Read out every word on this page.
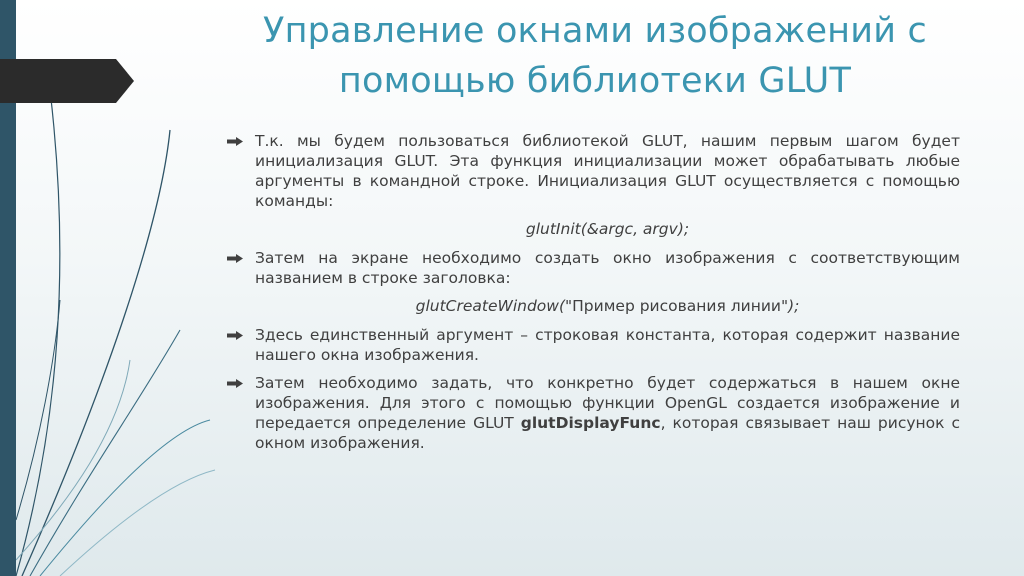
Управление окнами изображений с помощью библиотеки GLUT
Т.к. мы будем пользоваться библиотекой GLUT, нашим первым шагом будет инициализация GLUT. Эта функция инициализации может обрабатывать любые аргументы в командной строке. Инициализация GLUT осуществляется с помощью команды:
glutInit(&argc, argv);
Затем на экране необходимо создать окно изображения с соответствующим названием в строке заголовка:
glutCreateWindow("Пример рисования линии");
Здесь единственный аргумент – строковая константа, которая содержит название нашего окна изображения.
Затем необходимо задать, что конкретно будет содержаться в нашем окне изображения. Для этого с помощью функции OpenGL создается изображение и передается определение GLUT glutDisplayFunc, которая связывает наш рисунок с окном изображения.
